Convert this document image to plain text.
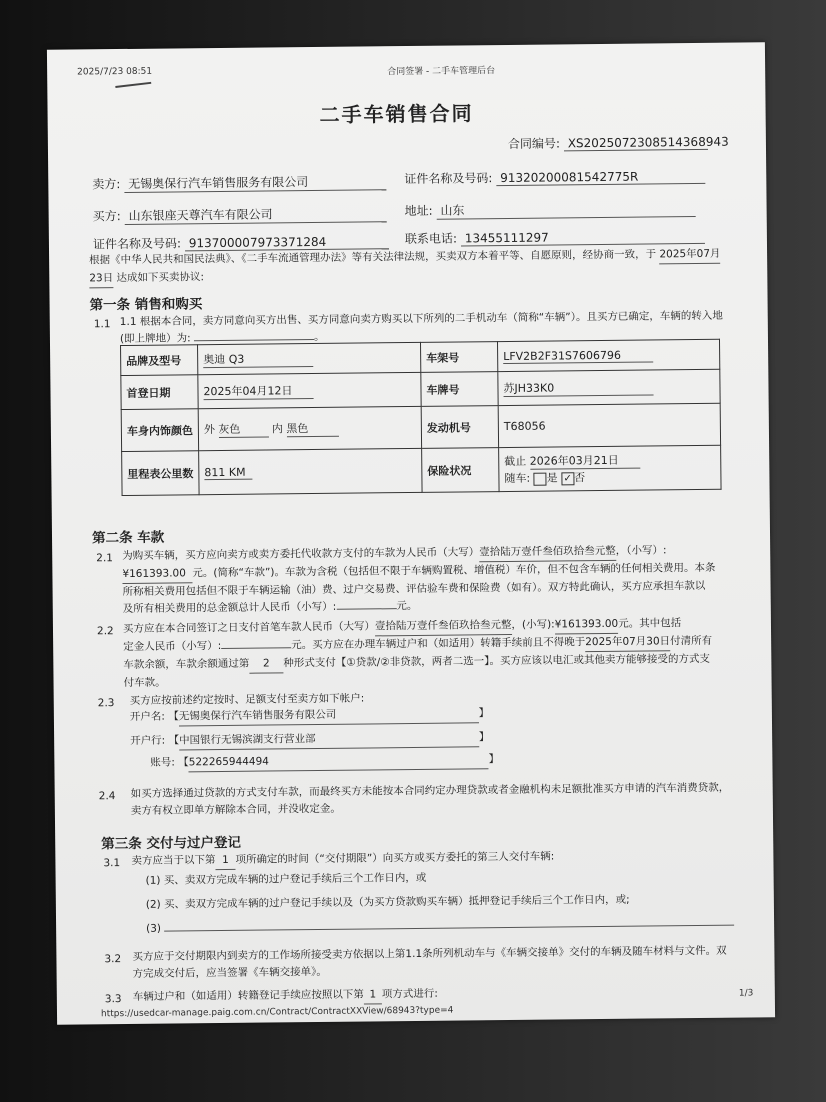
2025/7/23 08:51	合同签署 - 二手车管理后台
二手车销售合同
合同编号: XS2025072308514368943
卖方: 无锡奥保行汽车销售服务有限公司	证件名称及号码: 91320200081542775R
买方: 山东银座天尊汽车有限公司	地址: 山东
证件名称及号码: 913700007973371284	联系电话: 13455111297
根据《中华人民共和国民法典》、《二手车流通管理办法》等有关法律法规，买卖双方本着平等、自愿原则，经协商一致，于 2025年07月
23日 达成如下买卖协议:
第一条 销售和购买
1.1 1.1 根据本合同，卖方同意向买方出售、买方同意向卖方购买以下所列的二手机动车（简称“车辆”）。且买方已确定，车辆的转入地
(即上牌地）为:	。
品牌及型号	奥迪 Q3	车架号	LFV2B2F31S7606796
首登日期	2025年04月12日	车牌号	苏JH33K0
车身内饰颜色	外 灰色 内 黑色	发动机号	T68056
里程表公里数	811 KM	保险状况	截止 2026年03月21日
随车: 是 ✓ 否
第二条 车款
2.1 为购买车辆，买方应向卖方或卖方委托代收款方支付的车款为人民币（大写）壹拾陆万壹仟叁佰玖拾叁元整，（小写）:
¥161393.00 元。(简称“车款”)。车款为含税（包括但不限于车辆购置税、增值税）车价，但不包含车辆的任何相关费用。本条
所称相关费用包括但不限于车辆运输（油）费、过户交易费、评估验车费和保险费（如有）。双方特此确认，买方应承担车款以
及所有相关费用的总金额总计人民币（小写）:	元。
2.2 买方应在本合同签订之日支付首笔车款人民币（大写）壹拾陆万壹仟叁佰玖拾叁元整，(小写):¥161393.00元。其中包括
定金人民币（小写）:	元。买方应在办理车辆过户和（如适用）转籍手续前且不得晚于2025年07月30日付清所有
车款余额，车款余额通过第 2 种形式支付【①贷款/②非贷款，两者二选一】。买方应该以电汇或其他卖方能够接受的方式支
付车款。
2.3 买方应按前述约定按时、足额支付至卖方如下帐户:
开户名: 【无锡奥保行汽车销售服务有限公司	】
开户行: 【中国银行无锡滨湖支行营业部	】
账号: 【522265944494	】
2.4 如买方选择通过贷款的方式支付车款，而最终买方未能按本合同约定办理贷款或者金融机构未足额批准买方申请的汽车消费贷款，
卖方有权立即单方解除本合同，并没收定金。
第三条 交付与过户登记
3.1 卖方应当于以下第 1 项所确定的时间（“交付期限”）向买方或买方委托的第三人交付车辆:
(1) 买、卖双方完成车辆的过户登记手续后三个工作日内，或
(2) 买、卖双方完成车辆的过户登记手续以及（为买方贷款购买车辆）抵押登记手续后三个工作日内，或;
(3)
3.2 买方应于交付期限内到卖方的工作场所接受卖方依据以上第1.1条所列机动车与《车辆交接单》交付的车辆及随车材料与文件。双
方完成交付后，应当签署《车辆交接单》。
3.3 车辆过户和（如适用）转籍登记手续应按照以下第 1 项方式进行:
https://usedcar-manage.paig.com.cn/Contract/ContractXXView/68943?type=4
1/3
